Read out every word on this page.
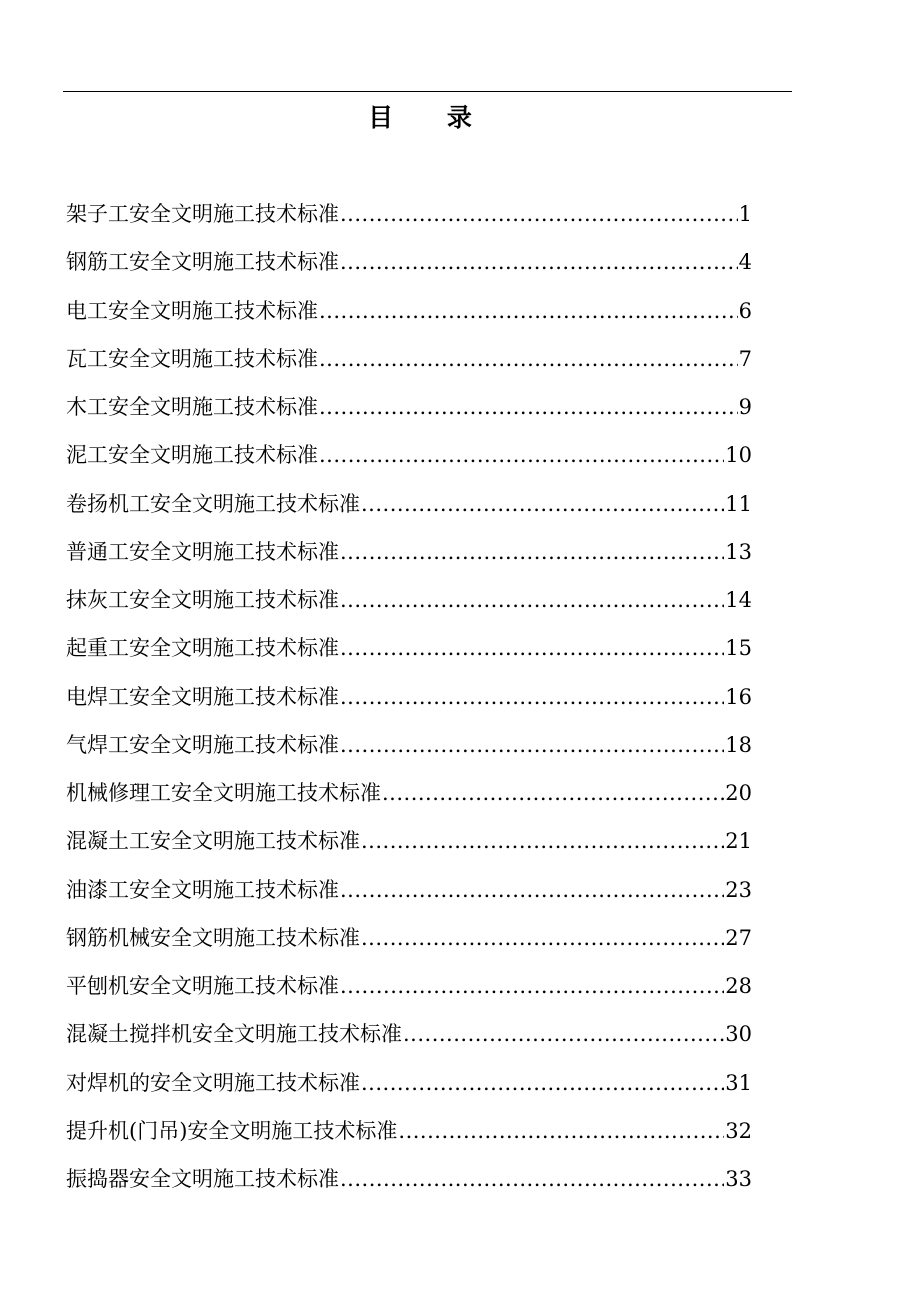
目 录
架子工安全文明施工技术标准 .....	1
钢筋工安全文明施工技术标准 .....	4
电工安全文明施工技术标准 .....	6
瓦工安全文明施工技术标准 .....	7
木工安全文明施工技术标准 .....	9
泥工安全文明施工技术标准 .....	10
卷扬机工安全文明施工技术标准 .....	11
普通工安全文明施工技术标准 .....	13
抹灰工安全文明施工技术标准 .....	14
起重工安全文明施工技术标准 .....	15
电焊工安全文明施工技术标准 .....	16
气焊工安全文明施工技术标准 .....	18
机械修理工安全文明施工技术标准 .....	20
混凝土工安全文明施工技术标准 .....	21
油漆工安全文明施工技术标准 .....	23
钢筋机械安全文明施工技术标准 .....	27
平刨机安全文明施工技术标准 .....	28
混凝土搅拌机安全文明施工技术标准 .....	30
对焊机的安全文明施工技术标准 .....	31
提升机(门吊)安全文明施工技术标准 .....	32
振捣器安全文明施工技术标准 .....	33
